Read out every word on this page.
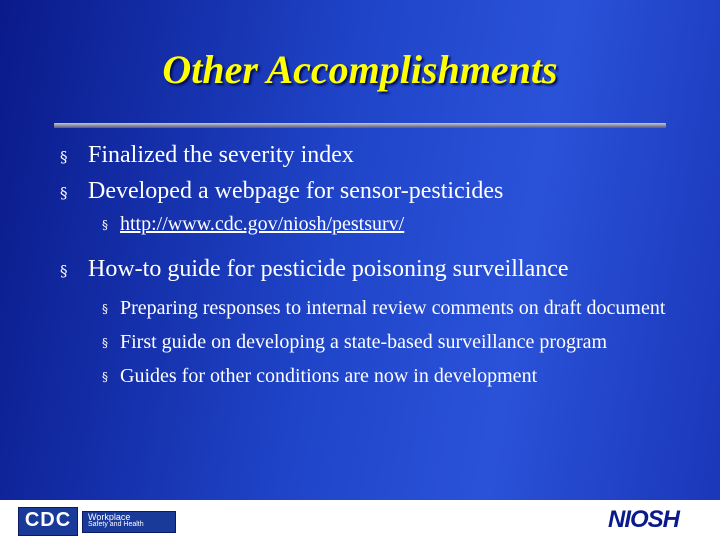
Other Accomplishments
§ Finalized the severity index
§ Developed a webpage for sensor-pesticides
§ http://www.cdc.gov/niosh/pestsurv/
§ How-to guide for pesticide poisoning surveillance
§ Preparing responses to internal review comments on draft document
§ First guide on developing a state-based surveillance program
§ Guides for other conditions are now in development
CDC	Workplace
Safety and Health	NIOSH
